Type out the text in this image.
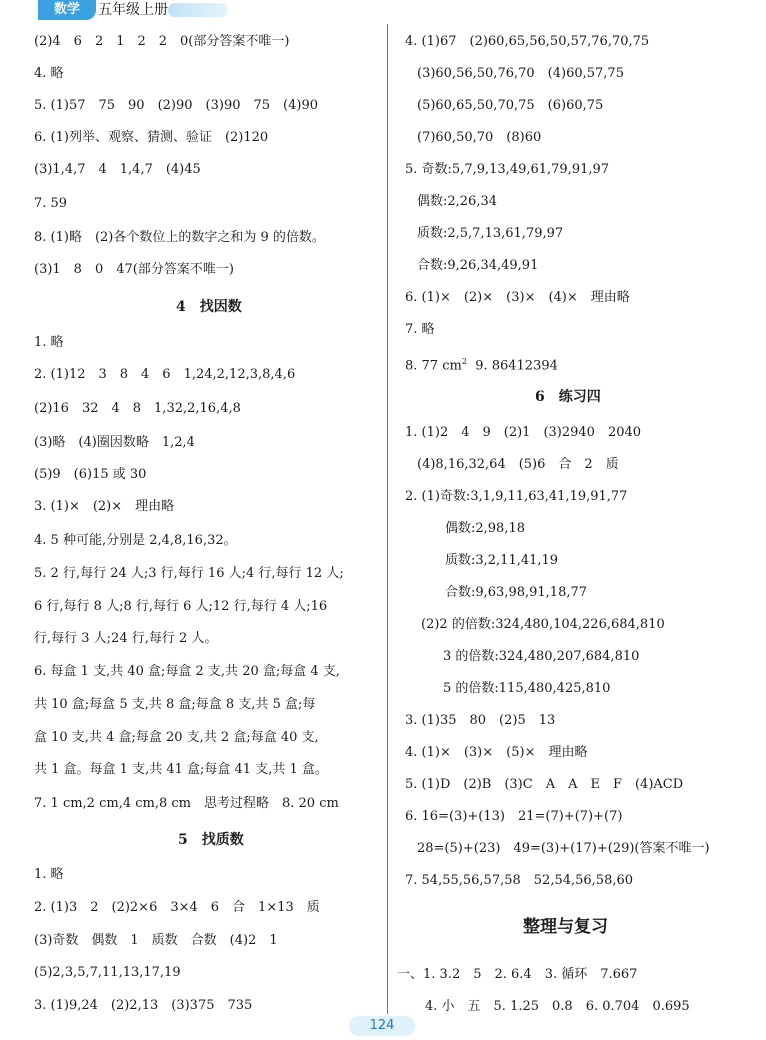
数学	五年级上册
(2)4　6　2　1　2　2　0(部分答案不唯一)
4. 略
5. (1)57　75　90　(2)90　(3)90　75　(4)90
6. (1)列举、观察、猜测、验证　(2)120
(3)1,4,7　4　1,4,7　(4)45
7. 59
8. (1)略　(2)各个数位上的数字之和为 9 的倍数。
(3)1　8　0　47(部分答案不唯一)
4　找因数
1. 略
2. (1)12　3　8　4　6　1,24,2,12,3,8,4,6
(2)16　32　4　8　1,32,2,16,4,8
(3)略　(4)圈因数略　1,2,4
(5)9　(6)15 或 30
3. (1)×　(2)×　理由略
4. 5 种可能,分别是 2,4,8,16,32。
5. 2 行,每行 24 人;3 行,每行 16 人;4 行,每行 12 人;
6 行,每行 8 人;8 行,每行 6 人;12 行,每行 4 人;16
行,每行 3 人;24 行,每行 2 人。
6. 每盒 1 支,共 40 盒;每盒 2 支,共 20 盒;每盒 4 支,
共 10 盒;每盒 5 支,共 8 盒;每盒 8 支,共 5 盒;每
盒 10 支,共 4 盒;每盒 20 支,共 2 盒;每盒 40 支,
共 1 盒。每盒 1 支,共 41 盒;每盒 41 支,共 1 盒。
7. 1 cm,2 cm,4 cm,8 cm　思考过程略　8. 20 cm
5　找质数
1. 略
2. (1)3　2　(2)2×6　3×4　6　合　1×13　质
(3)奇数　偶数　1　质数　合数　(4)2　1
(5)2,3,5,7,11,13,17,19
3. (1)9,24　(2)2,13　(3)375　735
4. (1)67　(2)60,65,56,50,57,76,70,75
(3)60,56,50,76,70　(4)60,57,75
(5)60,65,50,70,75　(6)60,75
(7)60,50,70　(8)60
5. 奇数:5,7,9,13,49,61,79,91,97
偶数:2,26,34
质数:2,5,7,13,61,79,97
合数:9,26,34,49,91
6. (1)×　(2)×　(3)×　(4)×　理由略
7. 略
8. 77 $cm^2$ 9. 86412394
6　练习四
1. (1)2　4　9　(2)1　(3)2940　2040
(4)8,16,32,64　(5)6　合　2　质
2. (1)奇数:3,1,9,11,63,41,19,91,77
偶数:2,98,18
质数:3,2,11,41,19
合数:9,63,98,91,18,77
(2)2 的倍数:324,480,104,226,684,810
3 的倍数:324,480,207,684,810
5 的倍数:115,480,425,810
3. (1)35　80　(2)5　13
4. (1)×　(3)×　(5)×　理由略
5. (1)D　(2)B　(3)C　A　A　E　F　(4)ACD
6. 16=(3)+(13)　21=(7)+(7)+(7)
28=(5)+(23)　49=(3)+(17)+(29)(答案不唯一)
7. 54,55,56,57,58　52,54,56,58,60
整理与复习
一、1. 3.2　5　2. 6.4　3. 循环　7.667
4. 小　五　5. 1.25　0.8　6. 0.704　0.695
124
